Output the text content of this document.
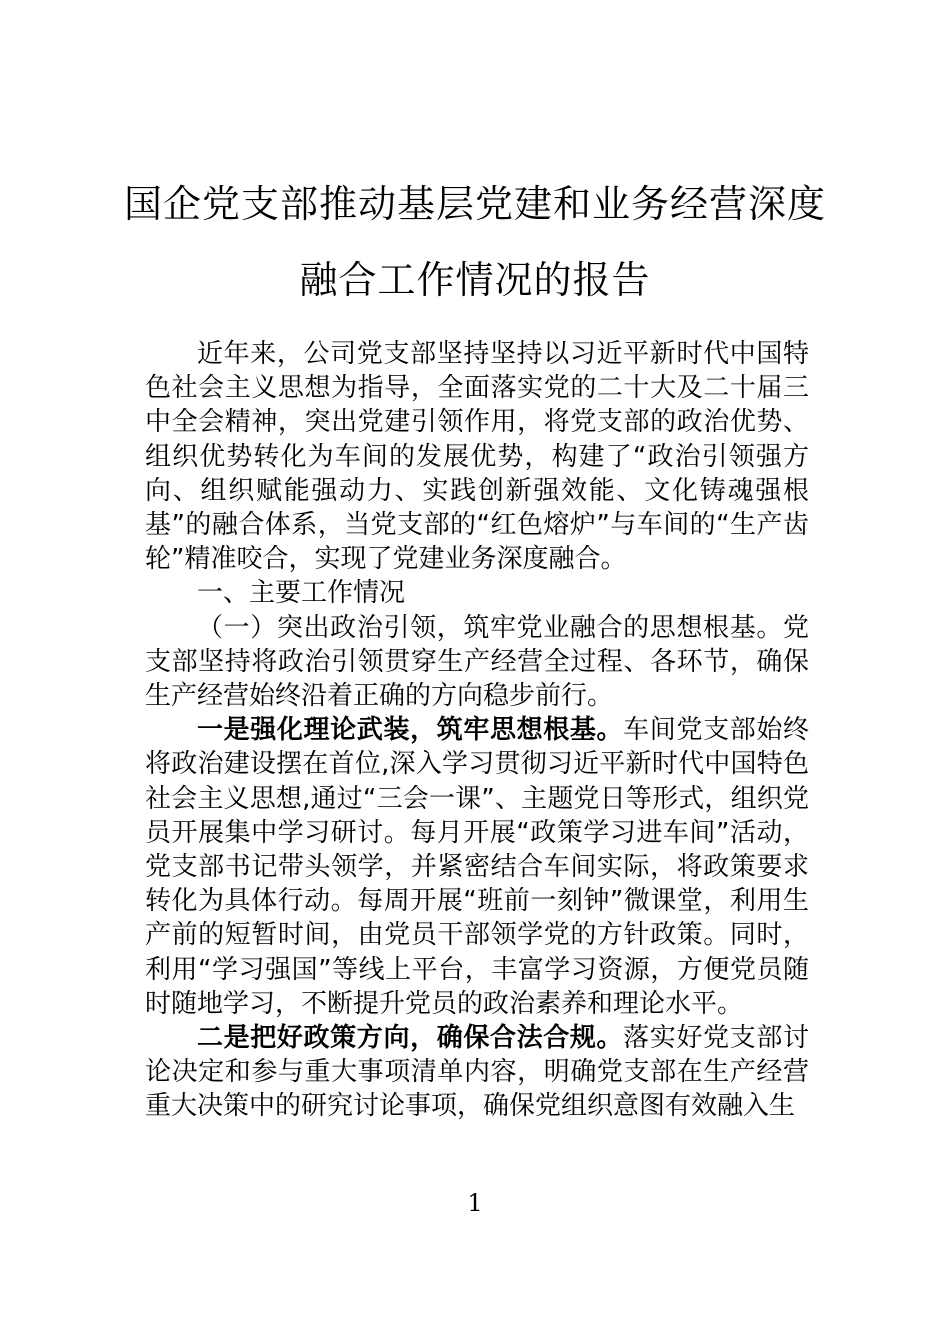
国企党支部推动基层党建和业务经营深度
融合工作情况的报告

近年来，公司党支部坚持坚持以习近平新时代中国特色社会主义思想为指导，全面落实党的二十大及二十届三中全会精神，突出党建引领作用，将党支部的政治优势、组织优势转化为车间的发展优势，构建了“政治引领强方向、组织赋能强动力、实践创新强效能、文化铸魂强根基”的融合体系，当党支部的“红色熔炉”与车间的“生产齿轮”精准咬合，实现了党建业务深度融合。

一、主要工作情况

（一）突出政治引领，筑牢党业融合的思想根基。党支部坚持将政治引领贯穿生产经营全过程、各环节，确保生产经营始终沿着正确的方向稳步前行。

一是强化理论武装，筑牢思想根基。车间党支部始终将政治建设摆在首位,深入学习贯彻习近平新时代中国特色社会主义思想,通过“三会一课”、主题党日等形式，组织党员开展集中学习研讨。每月开展“政策学习进车间”活动，党支部书记带头领学，并紧密结合车间实际，将政策要求转化为具体行动。每周开展“班前一刻钟”微课堂，利用生产前的短暂时间，由党员干部领学党的方针政策。同时，利用“学习强国”等线上平台，丰富学习资源，方便党员随时随地学习，不断提升党员的政治素养和理论水平。

二是把好政策方向，确保合法合规。落实好党支部讨论决定和参与重大事项清单内容，明确党支部在生产经营重大决策中的研究讨论事项，确保党组织意图有效融入生

1
